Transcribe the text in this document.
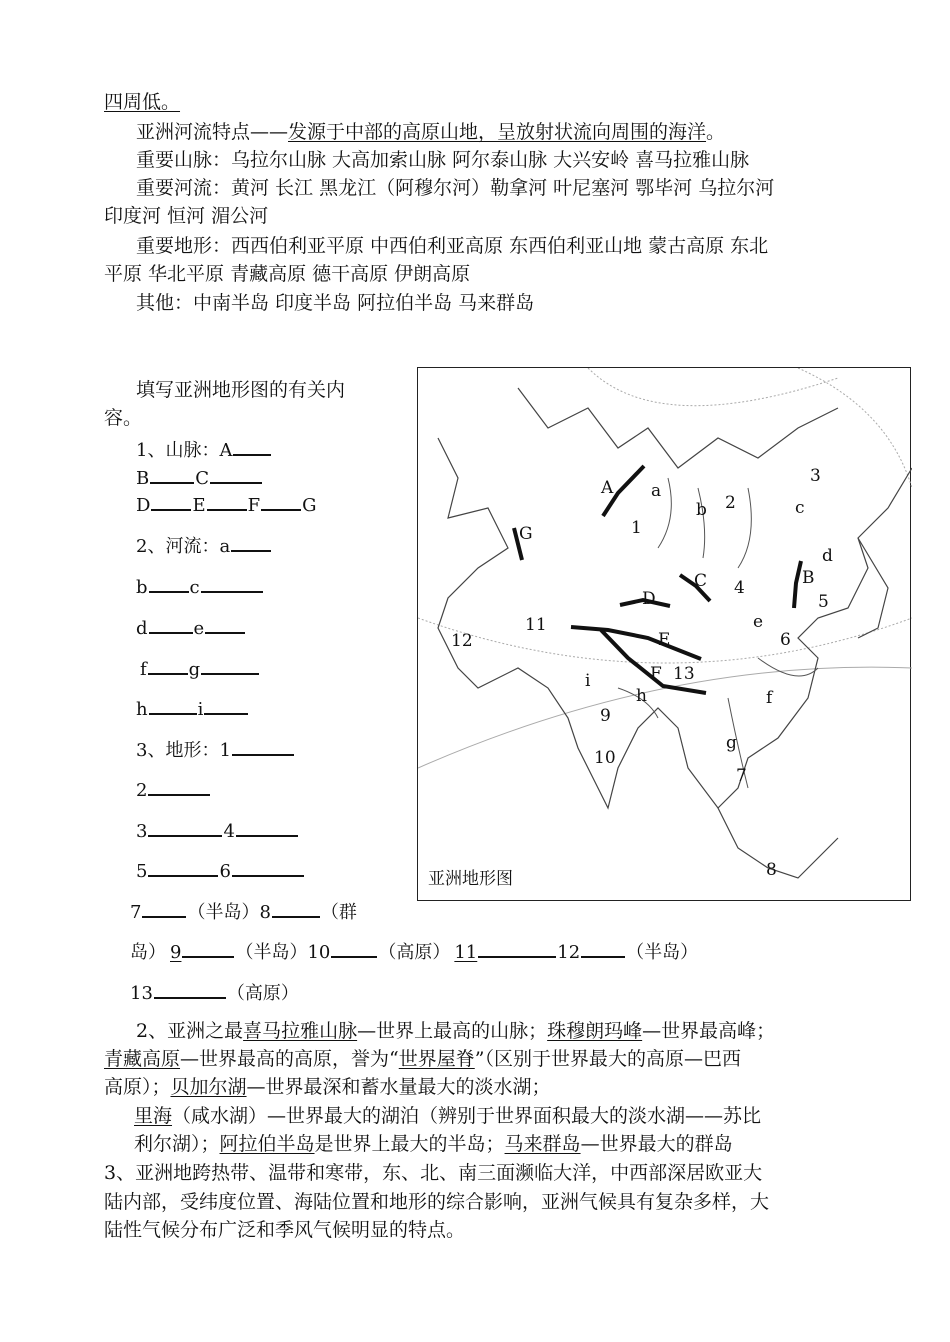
四周低。
亚洲河流特点——发源于中部的高原山地，呈放射状流向周围的海洋。
重要山脉：乌拉尔山脉 大高加索山脉 阿尔泰山脉 大兴安岭 喜马拉雅山脉
重要河流：黄河 长江 黑龙江（阿穆尔河）勒拿河 叶尼塞河 鄂毕河 乌拉尔河
印度河 恒河 湄公河
重要地形：西西伯利亚平原 中西伯利亚高原 东西伯利亚山地 蒙古高原 东北
平原 华北平原 青藏高原 德干高原 伊朗高原
其他：中南半岛 印度半岛 阿拉伯半岛 马来群岛
填写亚洲地形图的有关内
容。
1、山脉：A
B	C
D E F G
2、河流：a
b c
d	e
f g
h	i
3、地形：1
2
3	4
5	6
7	（半岛）8	（群
岛） 9	（半岛）10	（高原） 11	12	（半岛）
13	（高原）
A a
1
b 2
3
c
G
C 4
d
B
5
D
11
12
e
6
E
F 13
i
h	f
9
g
10
7
8
亚洲地形图
2、亚洲之最喜马拉雅山脉—世界上最高的山脉；珠穆朗玛峰—世界最高峰；
青藏高原—世界最高的高原，誉为“世界屋脊”（区别于世界最大的高原—巴西
高原）；贝加尔湖—世界最深和蓄水量最大的淡水湖；
里海（咸水湖）—世界最大的湖泊（辨别于世界面积最大的淡水湖——苏比
利尔湖）；阿拉伯半岛是世界上最大的半岛；马来群岛—世界最大的群岛
3、亚洲地跨热带、温带和寒带，东、北、南三面濒临大洋，中西部深居欧亚大
陆内部，受纬度位置、海陆位置和地形的综合影响，亚洲气候具有复杂多样，大
陆性气候分布广泛和季风气候明显的特点。
